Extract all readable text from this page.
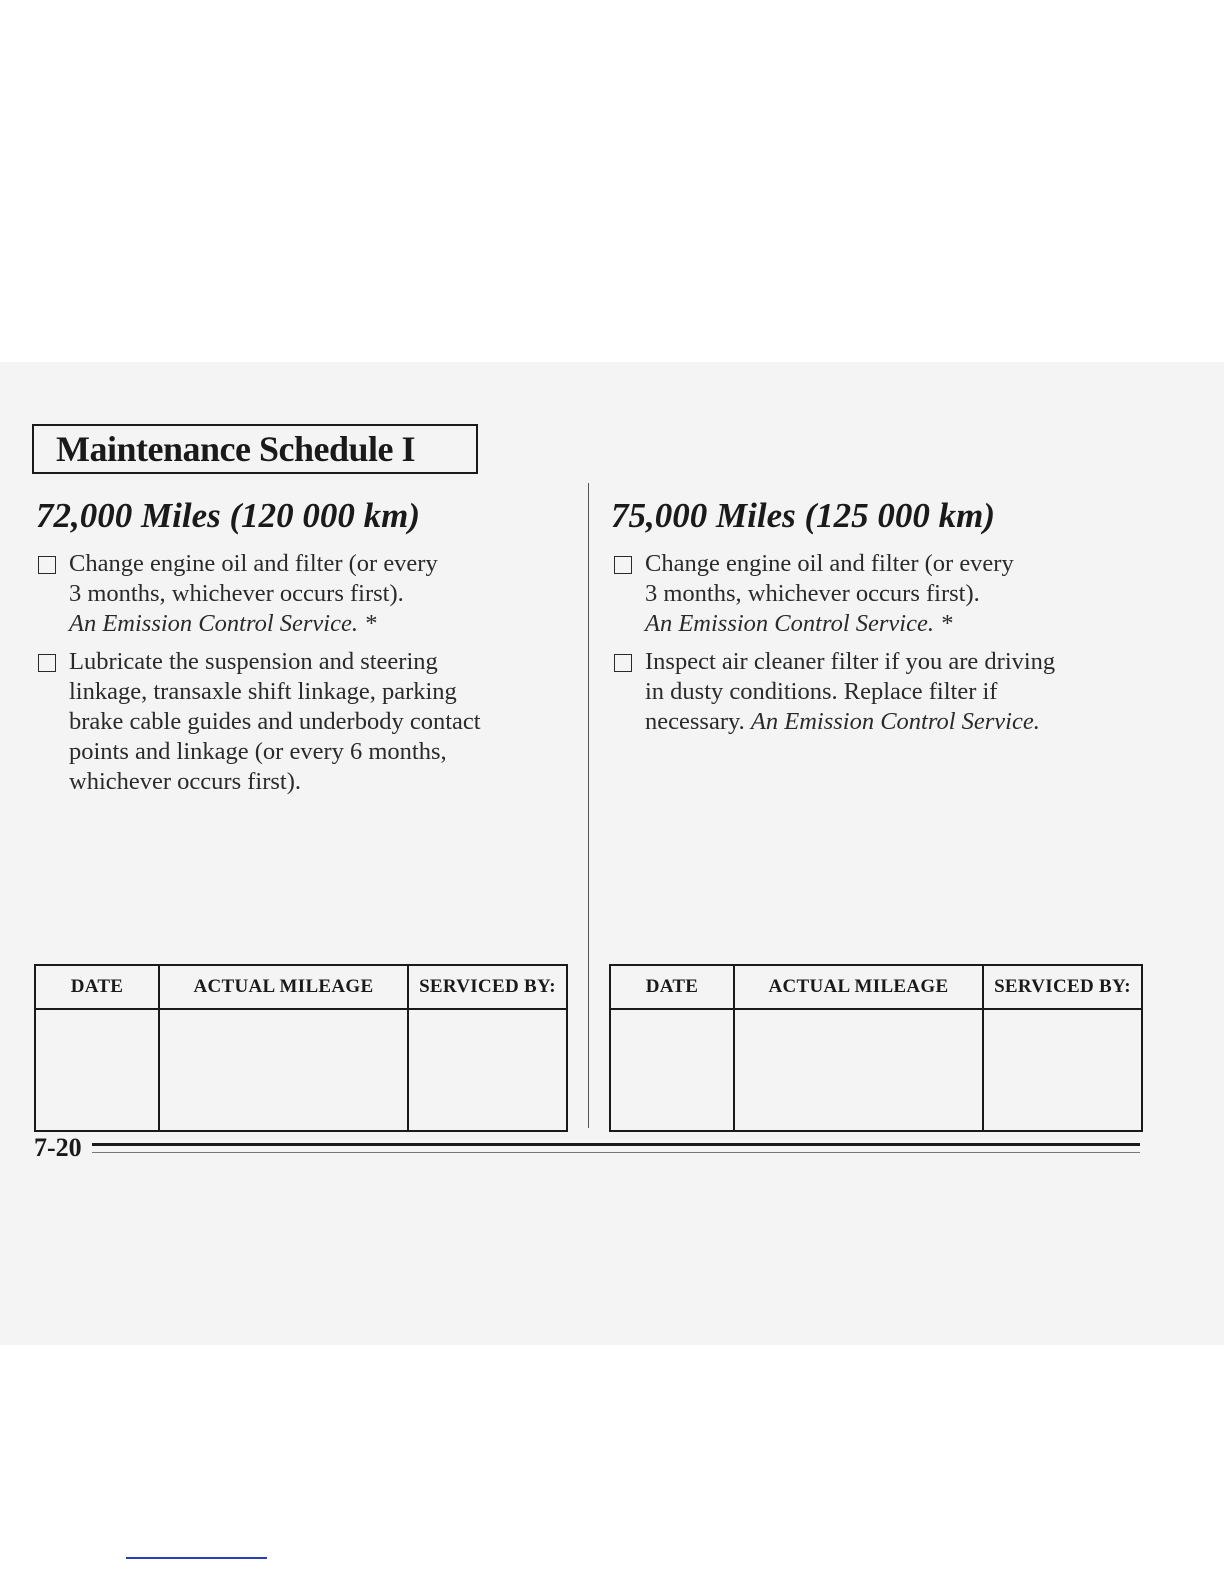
Maintenance Schedule I
72,000 Miles (120 000 km)
Change engine oil and filter (or every
3 months, whichever occurs first).
An Emission Control Service. *
Lubricate the suspension and steering
linkage, transaxle shift linkage, parking
brake cable guides and underbody contact
points and linkage (or every 6 months,
whichever occurs first).
DATE	ACTUAL MILEAGE	SERVICED BY:

75,000 Miles (125 000 km)
Change engine oil and filter (or every
3 months, whichever occurs first).
An Emission Control Service. *
Inspect air cleaner filter if you are driving
in dusty conditions. Replace filter if
necessary. An Emission Control Service.
DATE	ACTUAL MILEAGE	SERVICED BY:

7-20
